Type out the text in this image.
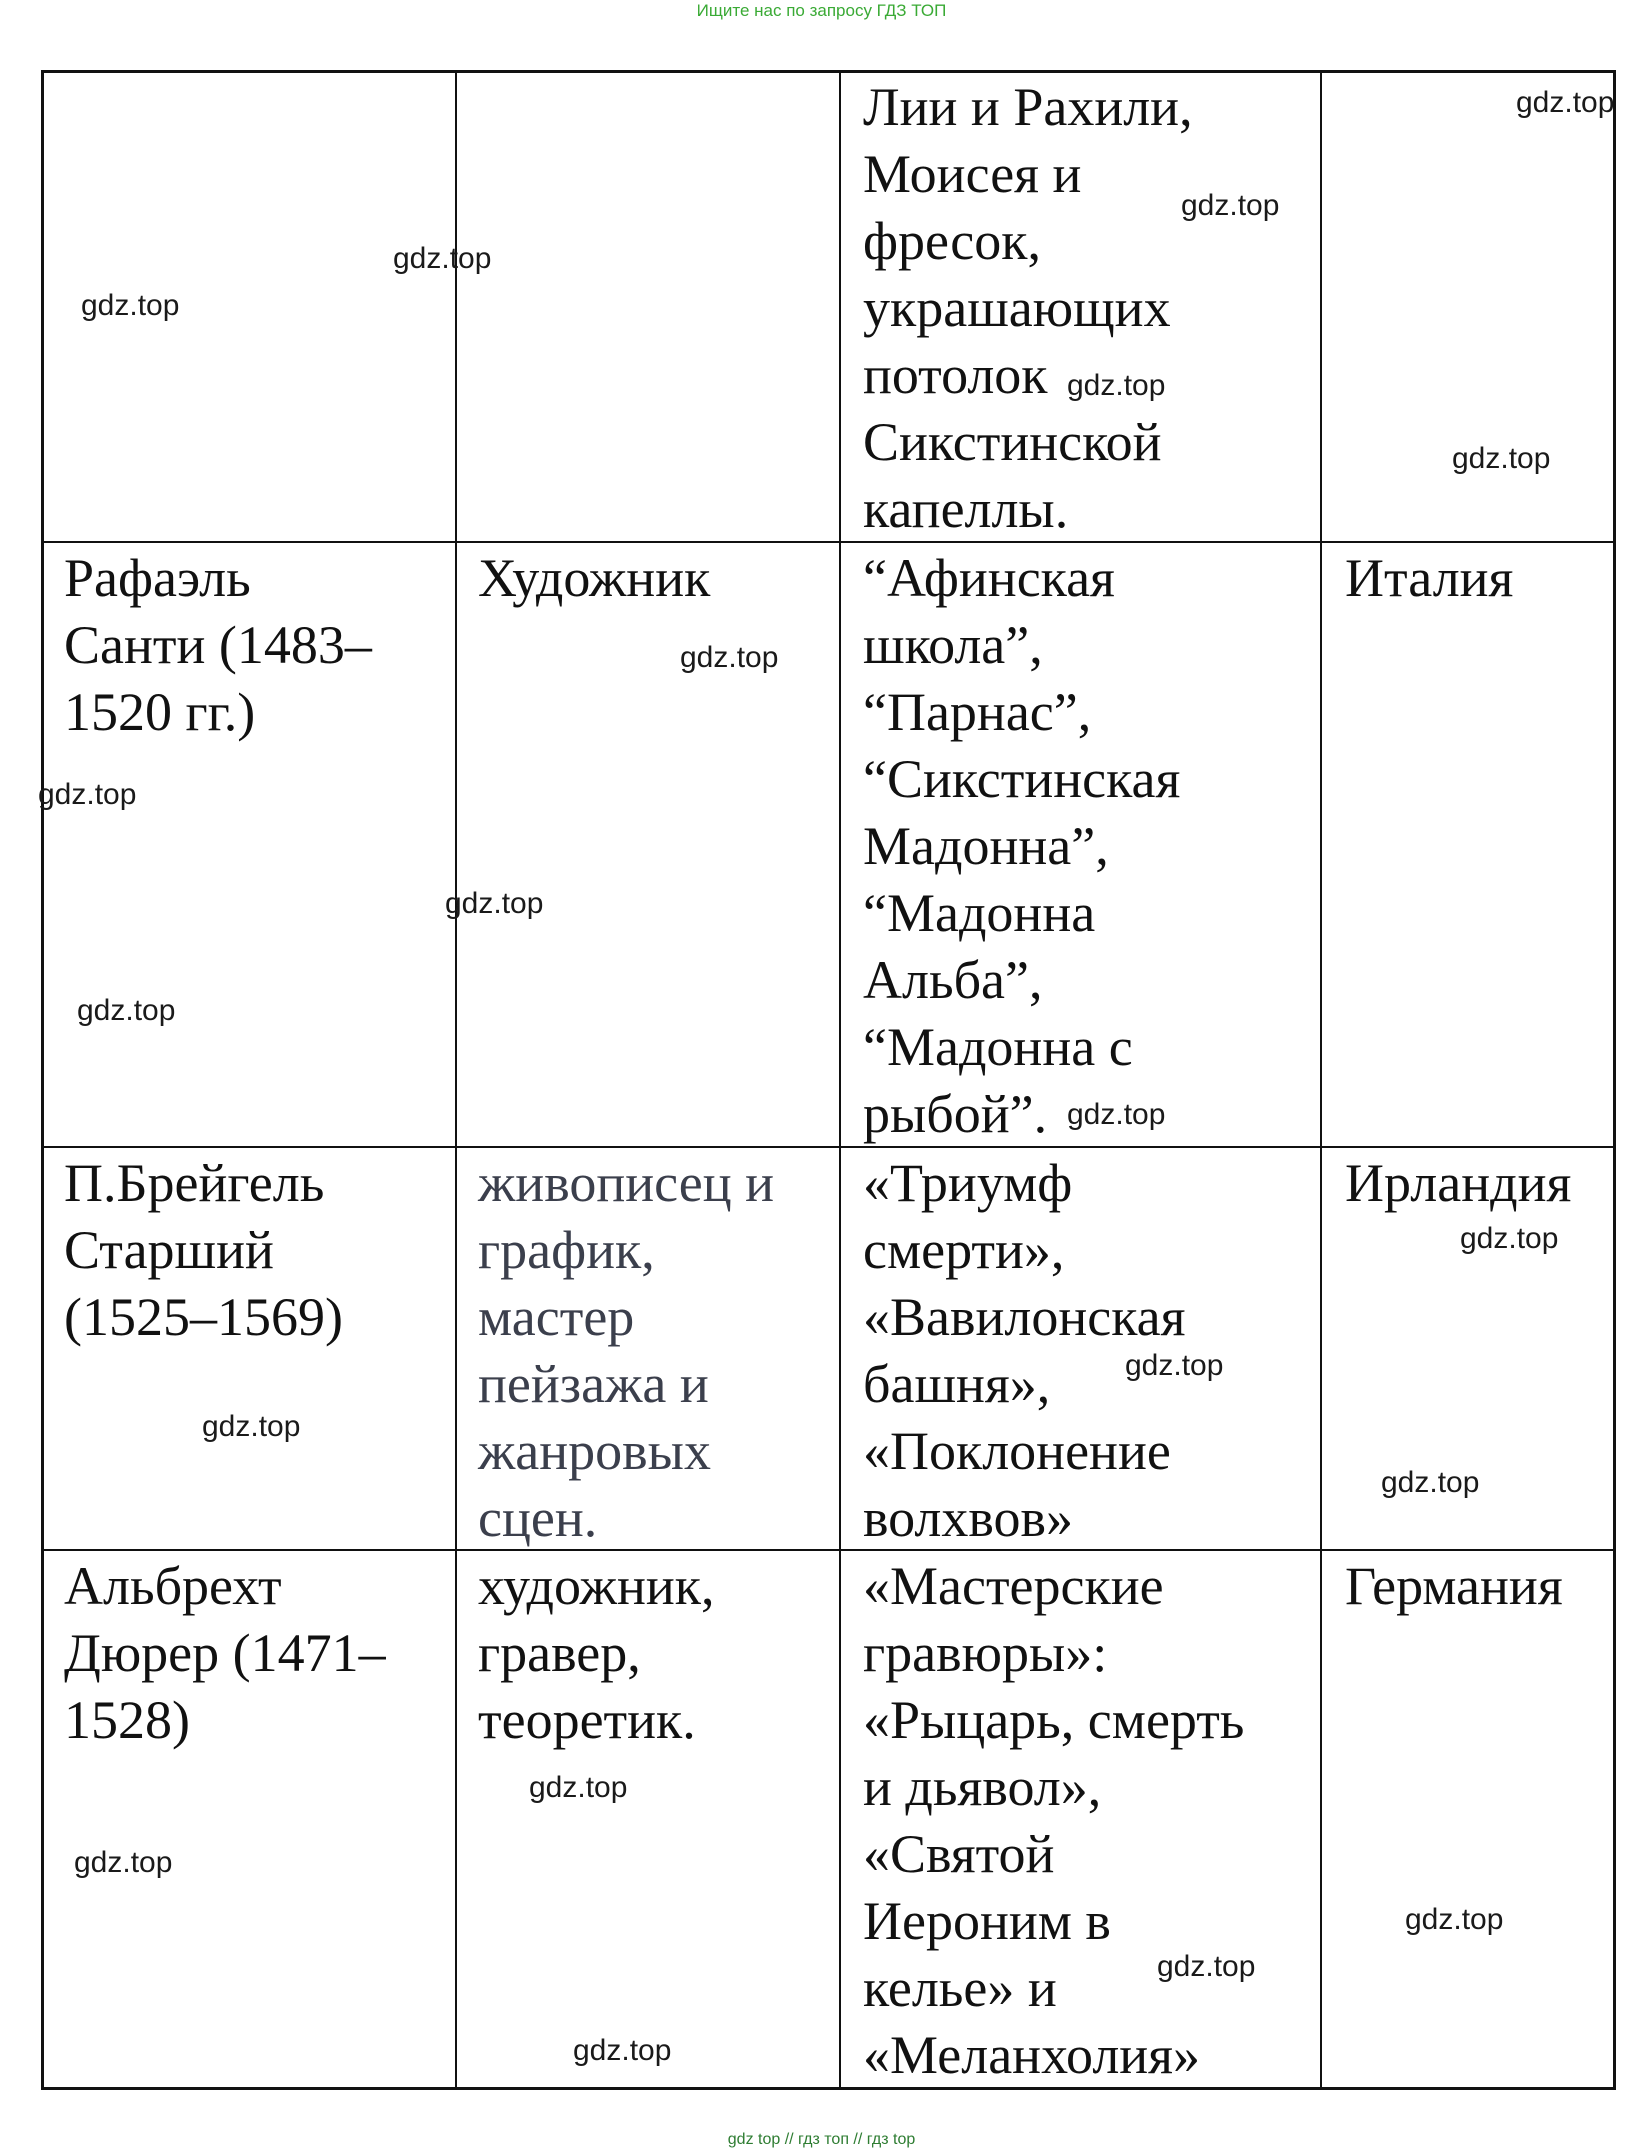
Ищите нас по запросу ГДЗ ТОП
Лии и Рахили,
Моисея и
фресок,
украшающих
потолок
Сикстинской
капеллы.
Рафаэль
Санти (1483–
1520 гг.)
Художник	“Афинская
школа”,
“Парнас”,
“Сикстинская
Мадонна”,
“Мадонна
Альба”,
“Мадонна с
рыбой”.
Италия
П.Брейгель
Старший
(1525–1569)
живописец и
график,
мастер
пейзажа и
жанровых
сцен.
«Триумф
смерти»,
«Вавилонская
башня»,
«Поклонение
волхвов»
Ирландия
Альбрехт
Дюрер (1471–
1528)
художник,
гравер,
теоретик.
«Мастерские
гравюры»:
«Рыцарь, смерть
и дьявол»,
«Святой
Иероним в
келье» и
«Меланхолия»
Германия
gdz.top
gdz.top
gdz.top
gdz.top
gdz.top
gdz.top
gdz.top
gdz.top
gdz.top
gdz.top
gdz.top
gdz.top
gdz.top
gdz.top
gdz.top
gdz.top
gdz.top
gdz.top
gdz.top
gdz.top
gdz top // гдз топ // гдз top
